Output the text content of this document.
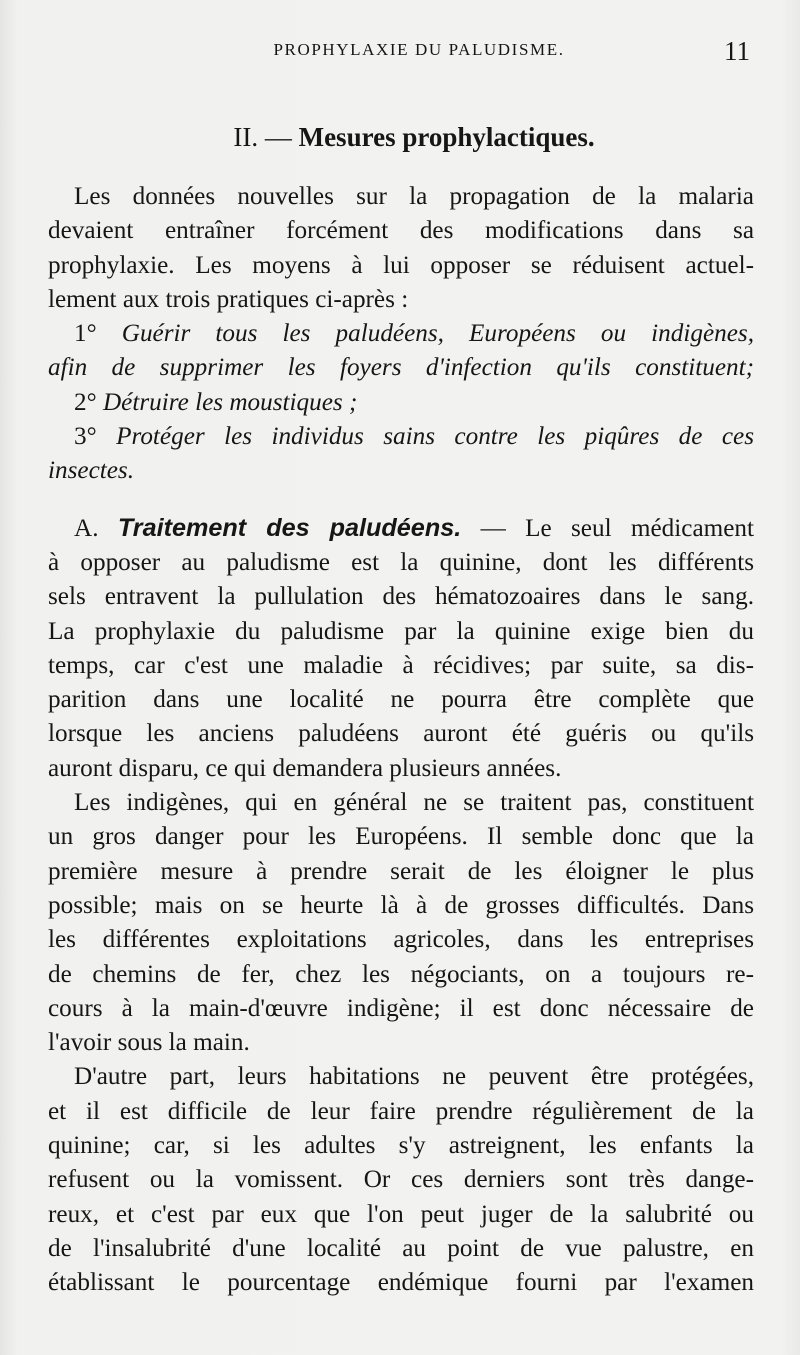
PROPHYLAXIE DU PALUDISME.	11
II. — Mesures prophylactiques.

Les données nouvelles sur la propagation de la malaria

devaient entraîner forcément des modifications dans sa

prophylaxie. Les moyens à lui opposer se réduisent actuel-

lement aux trois pratiques ci-après :

1° Guérir tous les paludéens, Européens ou indigènes,

afin de supprimer les foyers d'infection qu'ils constituent;

2° Détruire les moustiques ;

3° Protéger les individus sains contre les piqûres de ces

insectes.

A. Traitement des paludéens. — Le seul médicament

à opposer au paludisme est la quinine, dont les différents

sels entravent la pullulation des hématozoaires dans le sang.

La prophylaxie du paludisme par la quinine exige bien du

temps, car c'est une maladie à récidives; par suite, sa dis-

parition dans une localité ne pourra être complète que

lorsque les anciens paludéens auront été guéris ou qu'ils

auront disparu, ce qui demandera plusieurs années.

Les indigènes, qui en général ne se traitent pas, constituent

un gros danger pour les Européens. Il semble donc que la

première mesure à prendre serait de les éloigner le plus

possible; mais on se heurte là à de grosses difficultés. Dans

les différentes exploitations agricoles, dans les entreprises

de chemins de fer, chez les négociants, on a toujours re-

cours à la main-d'œuvre indigène; il est donc nécessaire de

l'avoir sous la main.

D'autre part, leurs habitations ne peuvent être protégées,

et il est difficile de leur faire prendre régulièrement de la

quinine; car, si les adultes s'y astreignent, les enfants la

refusent ou la vomissent. Or ces derniers sont très dange-

reux, et c'est par eux que l'on peut juger de la salubrité ou

de l'insalubrité d'une localité au point de vue palustre, en

établissant le pourcentage endémique fourni par l'examen
